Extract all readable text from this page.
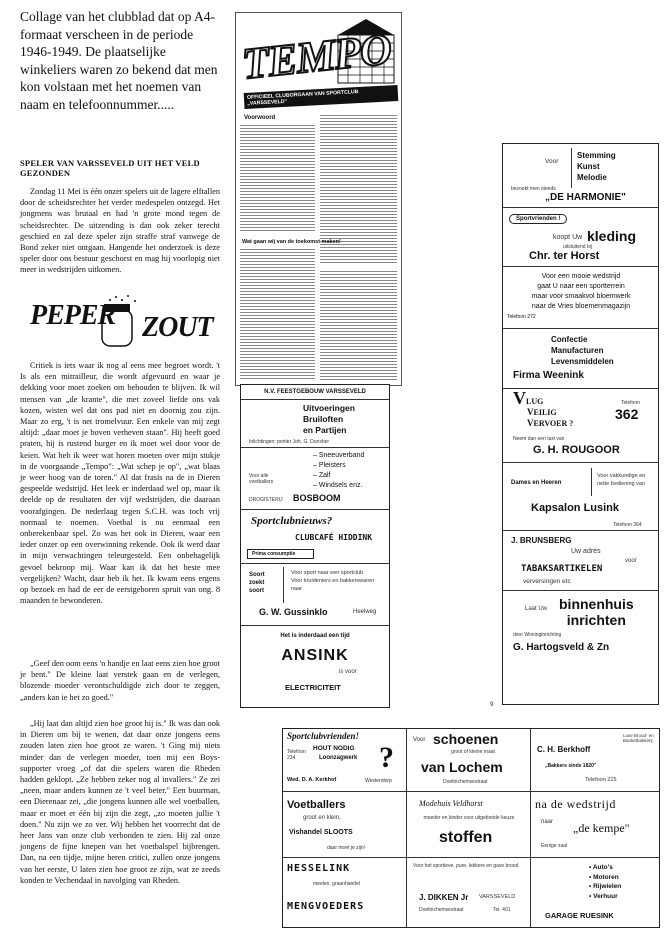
Collage van het clubblad dat op A4-formaat verscheen in de periode 1946-1949. De plaatselijke winkeliers waren zo bekend dat men kon volstaan met het noemen van naam en telefoonnummer.....
SPELER VAN VARSSEVELD UIT HET VELD GEZONDEN

Zondag 11 Mei is één onzer spelers uit de lagere elftallen door de scheidsrechter het verder medespelen ontzegd. Het jongmens was brutaal en had 'n grote mond tegen de scheidsrechter. De uitzending is dan ook zeker terecht geschied en zal deze speler zijn straffe straf vanwege de Bond zeker niet ontgaan. Hangende het onderzoek is deze speler door ons bestuur geschorst en mag hij voorlopig niet meer in wedstrijden uitkomen.

PEPER ZOUT

Critiek is iets waar ik nog al eens mee begroet wordt. 't Is als een mitrailleur, die wordt afgevuurd en waar je dekking voor moet zoeken om behouden te blijven. Ik wil mensen van „de krante", die met zoveel liefde ons vak kozen, wisten wel dat ons pad niet en doornig zou zijn. Maar zo erg, 't is net tromelvuur. Een enkele van mij zegt altijd: „daar moet je boven verheven staan". Hij heeft goed praten, hij is rustend burger en ik moet wel door voor de keien. Wat heb ik weer wat horen moeten over mijn stukje in de voorgaande „Tempo": „Wat schep je op", „wat blaas je weer hoog van de toren." Al dat frasis na de in Dieren gespeelde wedstrijd. Het leek er inderdaad wel op, maar ik deelde op de resultaten der vijf wedstrijden, die daaraan voorafgingen. De nederlaag tegen S.C.H. was toch vrij normaal te noemen. Voetbal is nu eenmaal een onberekenbaar spel. Zo was het ook in Dieren, waar een ieder onzer op een overwinning rekende. Ook ik werd daar in mijn verwachtingen teleurgesteld. Een onbehagelijk gevoel bekroop mij. Waar kan ik dat het beste mee vergelijken? Wacht, daar heb ik het. Ik kwam eens ergens op bezoek en had de eer de eerstgeboren spruit van ong. 8 maanden te bewonderen.

„Geef den oom eens 'n handje en laat eens zien hoe groot je bent." De kleine laat verstek gaan en de verlegen, blozende moeder verontschuldigde zich door te zeggen, „anders kan ie het zo goed."

„Hij laat dan altijd zien hoe groot hij is." Ik was dan ook in Dieren om bij te wenen, dat daar onze jongens eens zouden laten zien hoe groot ze waren. 't Ging mij niets minder dan de verlegen moeder, toen mij een Boys-supporter vroeg „of dat die spelers waren die Rheden hadden geklopt. „Ze hebben zeker nog al invallers." Ze zei „neen, maar anders kunnen ze 't veel beter." Een buurman, een Dierenaar zei, „die jongens kunnen alle wel voetballen, maar er moet er één bij zijn die zegt, „zo moeten jullie 't doen." Nu zijn we zo ver. Wij hebben het voorrecht dat de heer Jans van onze club verbonden te zien. Hij zal onze jongens de fijne knepen van het voetbalspel bijbrengen. Dan, na een tijdje, mijne heren critici, zullen onze jongens van het eerste, U laten zien hoe groot ze zijn, wat ze zeeds konden te Vechendaal in navolging van Rheden.

TEMPO
OFFICIEEL CLUBORGAAN VAN SPORTCLUB „VARSSEVELD"
Voorwoord
Wat gaan wij van de toekomst maken!
Voor
Stemming
Kunst
Melodie
bezoekt men steeds
„DE HARMONIE"
Sportvrienden !
koopt Uw kleding
uitsluitend bij
Chr. ter Horst
Voor een mooie wedstrijd
gaat U naar een sportterrein
maar voor smaakvol bloemwerk
naar de Vries bloemenmagazijn
Telefoon 272
Confectie
Manufacturen
Levensmiddelen
Firma Weenink
VLUG
VEILIG
VERVOER ?
Telefoon
362
Neem dan een taxi van
G. H. ROUGOOR
Dames en Heeren
Voor vakkundige en
nette bediening van
Kapsalon Lusink
Telefoon 364
J. BRUNSBERG
Uw adres
voor
TABAKSARTIKELEN
verversingen etc
Laat Uw binnenhuis
inrichten
door Woninginrichting
G. Hartogsveld & Zn
N.V. FEESTGEBOUW VARSSEVELD
Uitvoeringen
Bruiloften
en Partijen
Inlichtingen: portier Joh. G. Dunsher
Voor alle voetballers
– Sneeuverband
– Pleisters
– Zalf
– Windsels enz.
DROGISTERIJ BOSBOOM
Sportclubnieuws?
CLUBCAFÉ HIDDINK
Prima consumptie
Soort
zoekt
soort
Voor sport naar een sportclub
Voor kruideniers en bakkerswaren naar
G. W. Gussinklo	Heelweg
Het is inderdaad een tijd
ANSINK
is voor
ELECTRICITEIT
9
Sportclubvrienden!
HOUT NODIG
Loonzagwerk ?
Telefoon 234
Wed. D. A. Kerkhof	Westendorp
Voor schoenen
groot of kleine maat
van Lochem
Doetinchemsestraat
C. H. Berkhoff
Luxe Brood- en Banketbakkerij
„Bakkers sinds 1820"
Telefoon 215
Voetballers
groot en klein,
Vishandel SLOOTS
daar moet je zijn!
Modehuis Veldhorst
moeder en kinder voor uitgebreide keuze
stoffen
na de wedstrijd
naar „de kempe"
Eenige zaal
HESSELINK
meelen, graanhandel
MENGVOEDERS
Voor het sportieve, pure, lekkere en gave brood
J. DIKKEN Jr VARSSEVELD
Doetinchemsestraat	Tel. 401
• Auto's
• Motoren
• Rijwielen
• Verhuur
GARAGE RUESINK
